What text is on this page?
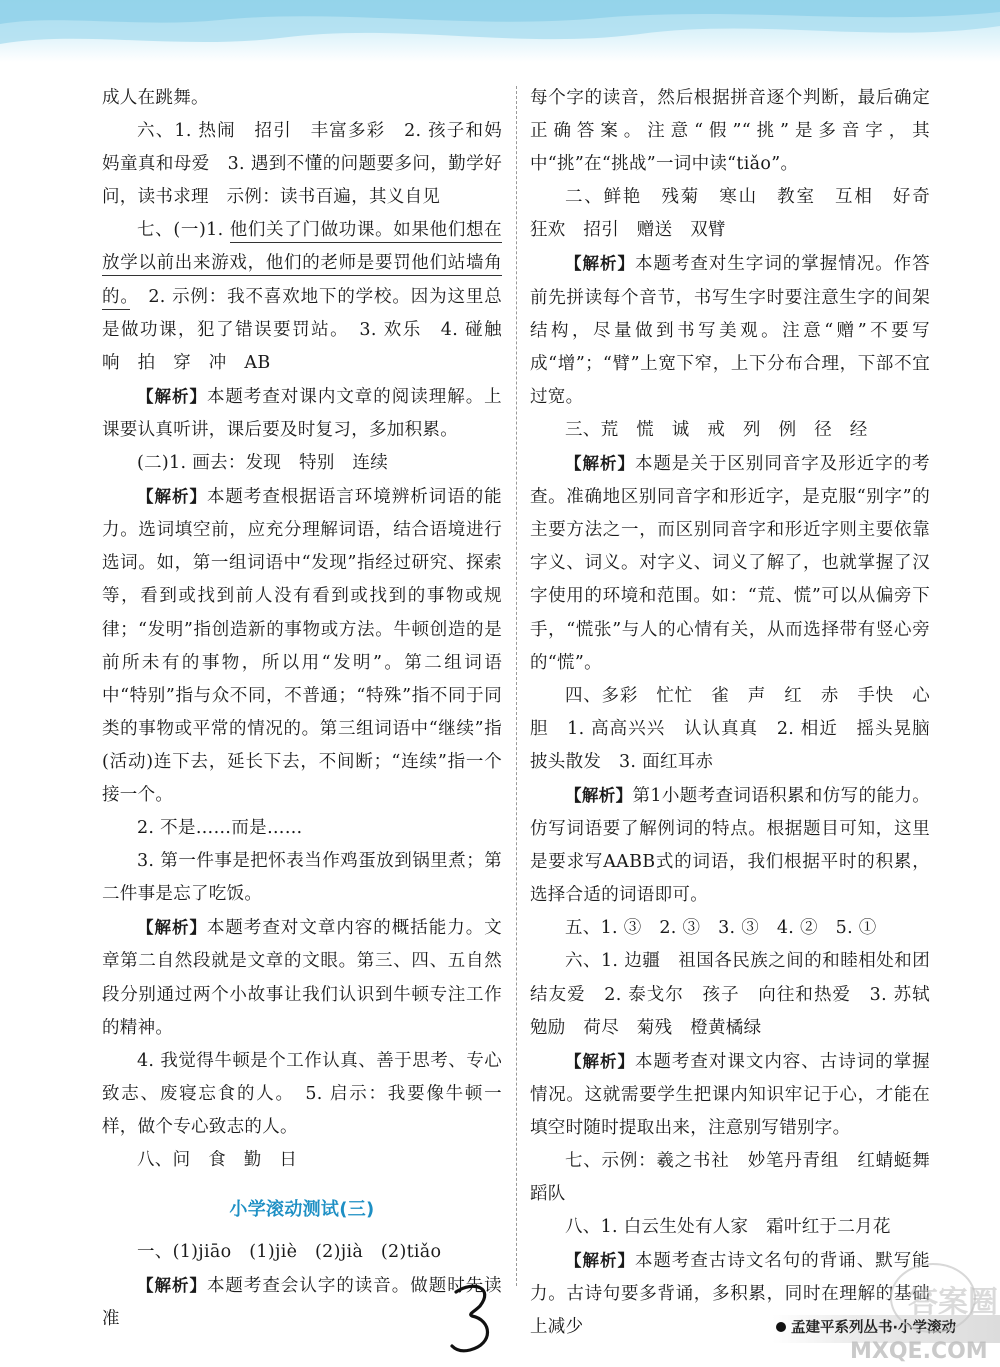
成人在跳舞。

六、1. 热闹　招引　丰富多彩　2. 孩子和妈妈童真和母爱　3. 遇到不懂的问题要多问，勤学好问，读书求理　示例：读书百遍，其义自见

七、(一)1. 他们关了门做功课。如果他们想在放学以前出来游戏，他们的老师是要罚他们站墙角的。　2. 示例：我不喜欢地下的学校。因为这里总是做功课，犯了错误要罚站。　3. 欢乐　4. 碰触　响　拍　穿　冲　AB

【解析】本题考查对课内文章的阅读理解。上课要认真听讲，课后要及时复习，多加积累。

(二)1. 画去：发现　特别　连续

【解析】本题考查根据语言环境辨析词语的能力。选词填空前，应充分理解词语，结合语境进行选词。如，第一组词语中“发现”指经过研究、探索等，看到或找到前人没有看到或找到的事物或规律；“发明”指创造新的事物或方法。牛顿创造的是前所未有的事物，所以用“发明”。第二组词语中“特别”指与众不同，不普通；“特殊”指不同于同类的事物或平常的情况的。第三组词语中“继续”指(活动)连下去，延长下去，不间断；“连续”指一个接一个。

2. 不是……而是……

3. 第一件事是把怀表当作鸡蛋放到锅里煮；第二件事是忘了吃饭。

【解析】本题考查对文章内容的概括能力。文章第二自然段就是文章的文眼。第三、四、五自然段分别通过两个小故事让我们认识到牛顿专注工作的精神。

4. 我觉得牛顿是个工作认真、善于思考、专心致志、废寝忘食的人。　5. 启示：我要像牛顿一样，做个专心致志的人。

八、问　食　勤　日

小学滚动测试(三)

一、(1)jiāo　(1)jiè　(2)jià　(2)tiǎo

【解析】本题考查会认字的读音。做题时先读准

每个字的读音，然后根据拼音逐个判断，最后确定正确答案。注意“假”“挑”是多音字，其中“挑”在“挑战”一词中读“tiǎo”。

二、鲜艳　残菊　寒山　教室　互相　好奇　狂欢　招引　赠送　双臂

【解析】本题考查对生字词的掌握情况。作答前先拼读每个音节，书写生字时要注意生字的间架结构，尽量做到书写美观。注意“赠”不要写成“增”；“臂”上宽下窄，上下分布合理，下部不宜过宽。

三、荒　慌　诚　戒　列　例　径　经

【解析】本题是关于区别同音字及形近字的考查。准确地区别同音字和形近字，是克服“别字”的主要方法之一，而区别同音字和形近字则主要依靠字义、词义。对字义、词义了解了，也就掌握了汉字使用的环境和范围。如：“荒、慌”可以从偏旁下手，“慌张”与人的心情有关，从而选择带有竖心旁的“慌”。

四、多彩　忙忙　雀　声　红　赤　手快　心胆　1. 高高兴兴　认认真真　2. 相近　摇头晃脑　披头散发　3. 面红耳赤

【解析】第1小题考查词语积累和仿写的能力。仿写词语要了解例词的特点。根据题目可知，这里是要求写AABB式的词语，我们根据平时的积累，选择合适的词语即可。

五、1. ③　2. ③　3. ③　4. ②　5. ①

六、1. 边疆　祖国各民族之间的和睦相处和团结友爱　2. 泰戈尔　孩子　向往和热爱　3. 苏轼　勉励　荷尽　菊残　橙黄橘绿

【解析】本题考查对课文内容、古诗词的掌握情况。这就需要学生把课内知识牢记于心，才能在填空时随时提取出来，注意别写错别字。

七、示例：羲之书社　妙笔丹青组　红蜻蜓舞蹈队

八、1. 白云生处有人家　霜叶红于二月花

【解析】本题考查古诗文名句的背诵、默写能力。古诗句要多背诵，多积累，同时在理解的基础上减少	孟建平系列丛书·小学滚动
答案圈
MXQE.COM
